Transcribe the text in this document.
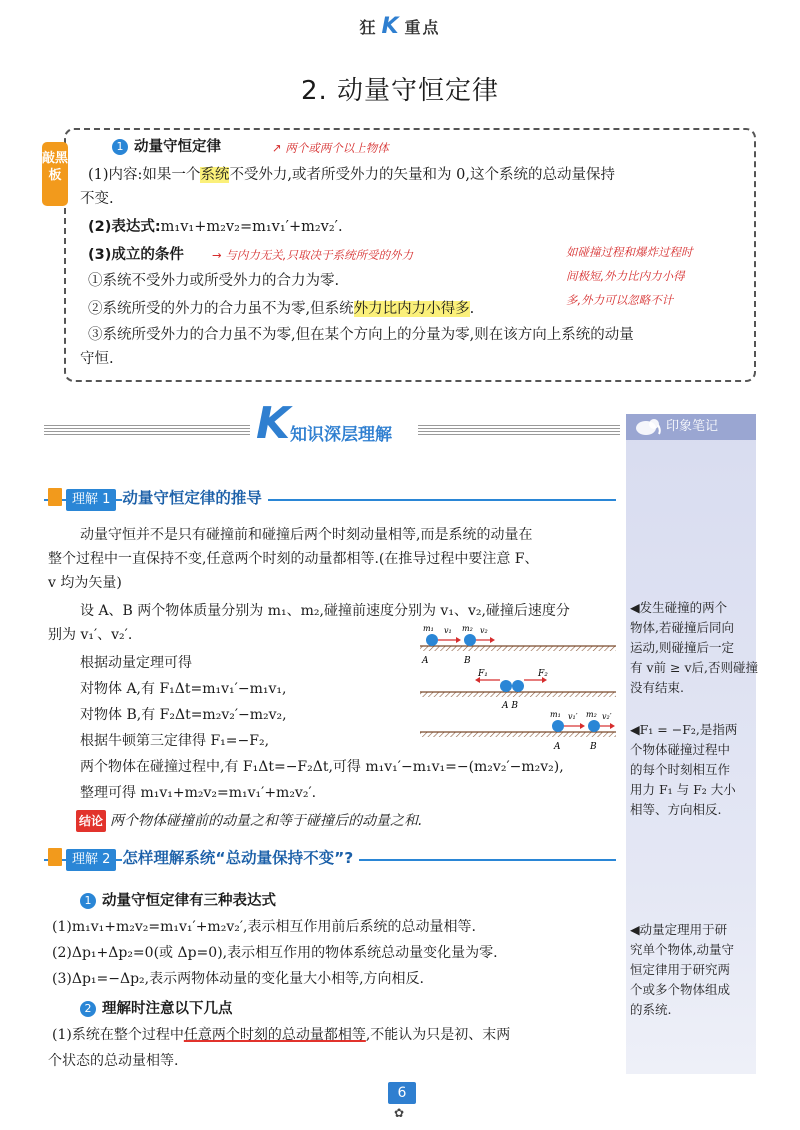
狂 K 重点
2. 动量守恒定律
敲黑板
1 动量守恒定律	↗ 两个或两个以上物体
(1)内容:如果一个系统不受外力,或者所受外力的矢量和为 0,这个系统的总动量保持
不变.
(2)表达式:m₁v₁+m₂v₂=m₁v₁′+m₂v₂′.
(3)成立的条件 → 与内力无关,只取决于系统所受的外力	如碰撞过程和爆炸过程时
间极短,外力比内力小得
多,外力可以忽略不计
①系统不受外力或所受外力的合力为零.
②系统所受的外力的合力虽不为零,但系统外力比内力小得多.
③系统所受外力的合力虽不为零,但在某个方向上的分量为零,则在该方向上系统的动量
守恒.
K 知识深层理解	印象笔记
◀发生碰撞的两个
物体,若碰撞后同向
运动,则碰撞后一定
有 v前 ≥ v后,否则碰撞
没有结束.
◀F₁ = −F₂,是指两
个物体碰撞过程中
的每个时刻相互作
用力 F₁ 与 F₂ 大小
相等、方向相反.
◀动量定理用于研
究单个物体,动量守
恒定律用于研究两
个或多个物体组成
的系统.
理解 1 动量守恒定律的推导
动量守恒并不是只有碰撞前和碰撞后两个时刻动量相等,而是系统的动量在
整个过程中一直保持不变,任意两个时刻的动量都相等.(在推导过程中要注意 F、
v 均为矢量)
设 A、B 两个物体质量分别为 m₁、m₂,碰撞前速度分别为 v₁、v₂,碰撞后速度分
别为 v₁′、v₂′.
根据动量定理可得
对物体 A,有 F₁Δt=m₁v₁′−m₁v₁,
对物体 B,有 F₂Δt=m₂v₂′−m₂v₂,
根据牛顿第三定律得 F₁=−F₂,
两个物体在碰撞过程中,有 F₁Δt=−F₂Δt,可得 m₁v₁′−m₁v₁=−(m₂v₂′−m₂v₂),
整理可得 m₁v₁+m₂v₂=m₁v₁′+m₂v₂′.
结论 两个物体碰撞前的动量之和等于碰撞后的动量之和.
m₁ v₁ m₂ v₂
A	B
F₁	F₂
A B
m₁ v₁′ m₂ v₂′
A	B
理解 2 怎样理解系统“总动量保持不变”?
1 动量守恒定律有三种表达式
(1)m₁v₁+m₂v₂=m₁v₁′+m₂v₂′,表示相互作用前后系统的总动量相等.
(2)Δp₁+Δp₂=0(或 Δp=0),表示相互作用的物体系统总动量变化量为零.
(3)Δp₁=−Δp₂,表示两物体动量的变化量大小相等,方向相反.
2 理解时注意以下几点
(1)系统在整个过程中任意两个时刻的总动量都相等,不能认为只是初、末两
个状态的总动量相等.
6
✿
